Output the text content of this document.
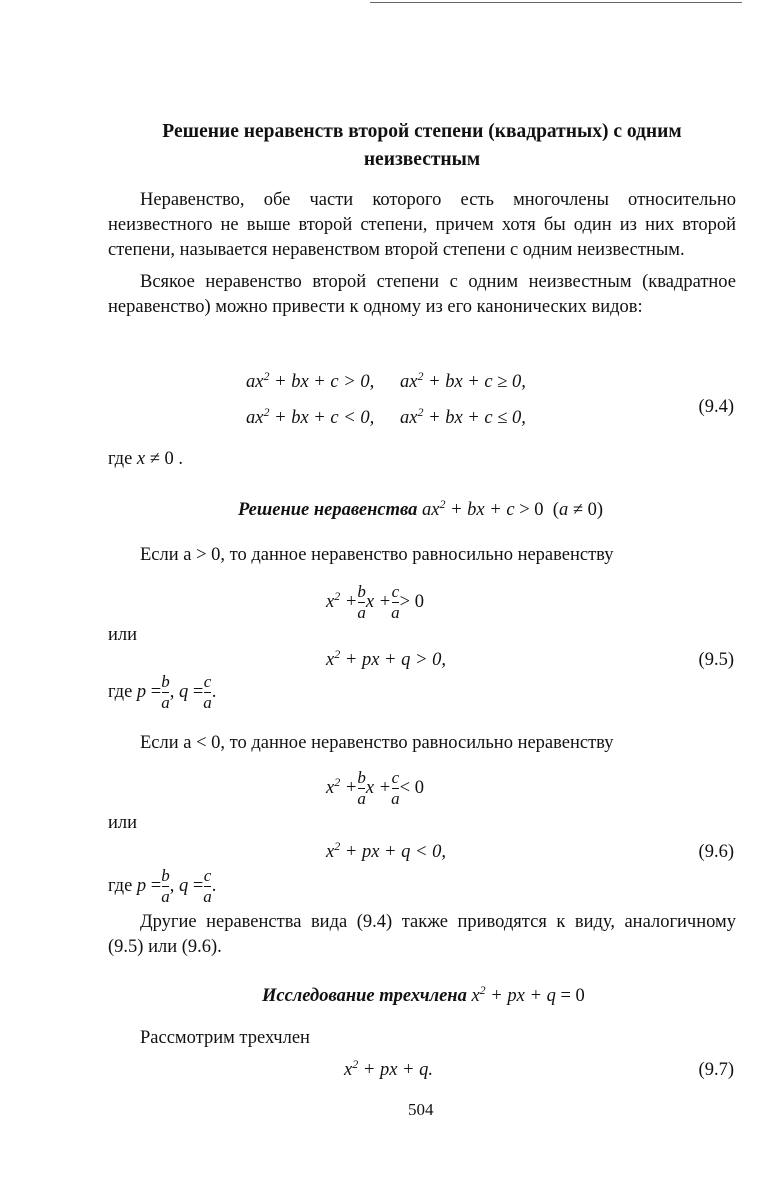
Решение неравенств второй степени (квадратных) с одним неизвестным

Неравенство, обе части которого есть многочлены относительно неизвестного не выше второй степени, причем хотя бы один из них второй степени, называется неравенством второй степени с одним неизвестным.

Всякое неравенство второй степени с одним неизвестным (квадратное неравенство) можно привести к одному из его канонических видов:

$ax^2$ + bx + c > 0, $ax^2$ + bx + c ≥ 0,
$ax^2$ + bx + c < 0, $ax^2$ + bx + c ≤ 0,
(9.4)
где x ≠ 0 .
Решение неравенства $ax^2$ + bx + c > 0  (a ≠ 0)
Если a > 0, то данное неравенство равносильно неравенству
$x^2 + \frac{b}{a}$ $x + \frac{c}{a} > 0$
или
$x^2$ + px + q > 0,	(9.5)
где $p = \frac{b}{a}$ , $q = \frac{c}{a}$ .
Если a < 0, то данное неравенство равносильно неравенству
$x^2 + \frac{b}{a}$ $x + \frac{c}{a} < 0$
или
$x^2$ + px + q < 0,	(9.6)
где $p = \frac{b}{a}$ , $q = \frac{c}{a}$ .

Другие неравенства вида (9.4) также приводятся к виду, аналогичному (9.5) или (9.6).

Исследование трехчлена $x^2$ + px + q = 0
Рассмотрим трехчлен
$x^2$ + px + q.	(9.7)
504
